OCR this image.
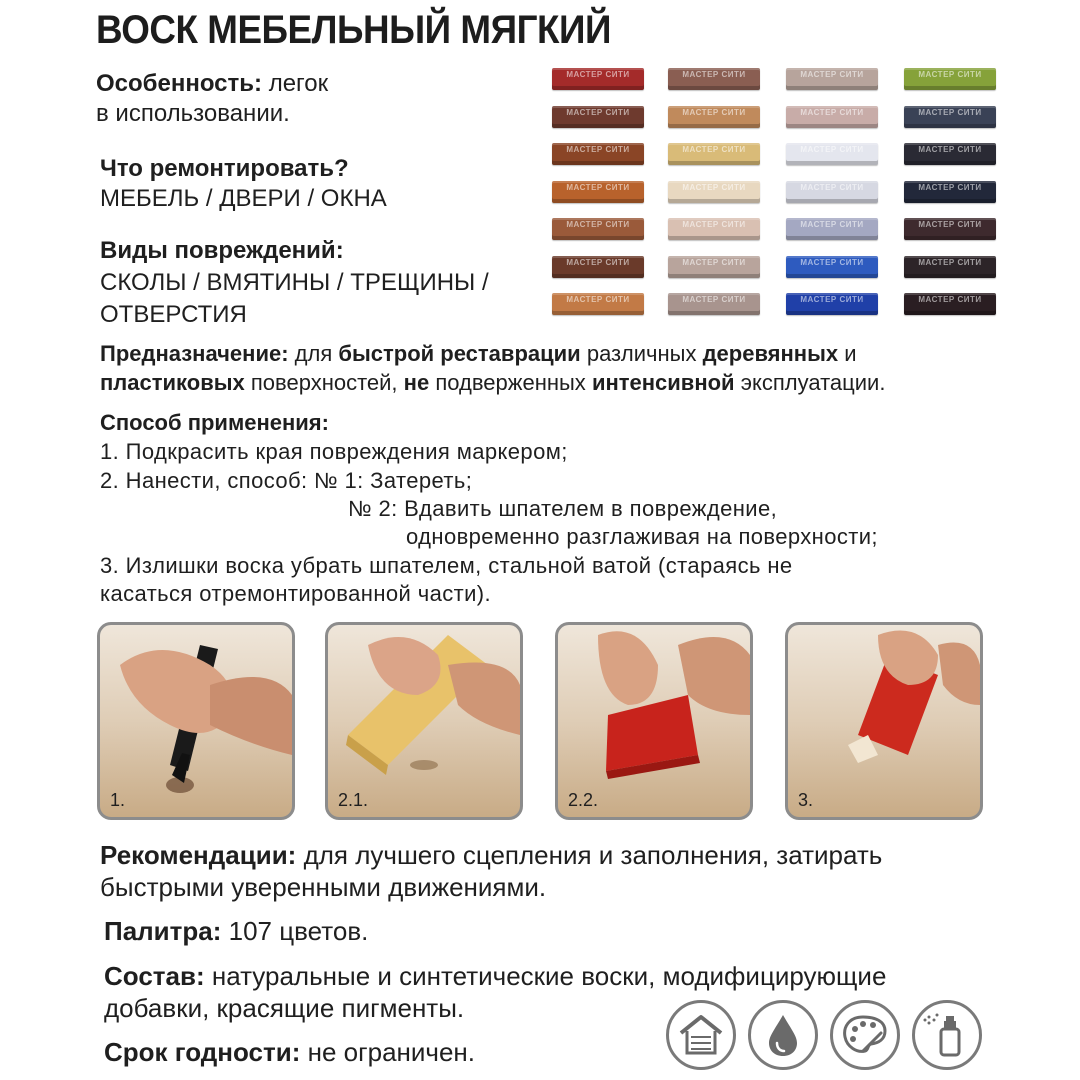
ВОСК МЕБЕЛЬНЫЙ МЯГКИЙ
Особенность: легок
в использовании.
Что ремонтировать?
МЕБЕЛЬ / ДВЕРИ / ОКНА
Виды повреждений:
СКОЛЫ / ВМЯТИНЫ / ТРЕЩИНЫ /
ОТВЕРСТИЯ
МАСТЕР СИТИ
МАСТЕР СИТИ
МАСТЕР СИТИ
МАСТЕР СИТИ
МАСТЕР СИТИ
МАСТЕР СИТИ
МАСТЕР СИТИ
МАСТЕР СИТИ
МАСТЕР СИТИ
МАСТЕР СИТИ
МАСТЕР СИТИ
МАСТЕР СИТИ
МАСТЕР СИТИ
МАСТЕР СИТИ
МАСТЕР СИТИ
МАСТЕР СИТИ
МАСТЕР СИТИ
МАСТЕР СИТИ
МАСТЕР СИТИ
МАСТЕР СИТИ
МАСТЕР СИТИ
МАСТЕР СИТИ
МАСТЕР СИТИ
МАСТЕР СИТИ
МАСТЕР СИТИ
МАСТЕР СИТИ
МАСТЕР СИТИ
МАСТЕР СИТИ
Предназначение: для быстрой реставрации различных деревянных и
пластиковых поверхностей, не подверженных интенсивной эксплуатации.
Способ применения:
1. Подкрасить края повреждения маркером;
2. Нанести, способ: № 1: Затереть;
№ 2: Вдавить шпателем в повреждение,
одновременно разглаживая на поверхности;
3. Излишки воска убрать шпателем, стальной ватой (стараясь не
касаться отремонтированной части).
1.	2.1.	2.2.	3.
Рекомендации: для лучшего сцепления и заполнения, затирать
быстрыми уверенными движениями.
Палитра: 107 цветов.
Состав: натуральные и синтетические воски, модифицирующие
добавки, красящие пигменты.
Срок годности: не ограничен.
